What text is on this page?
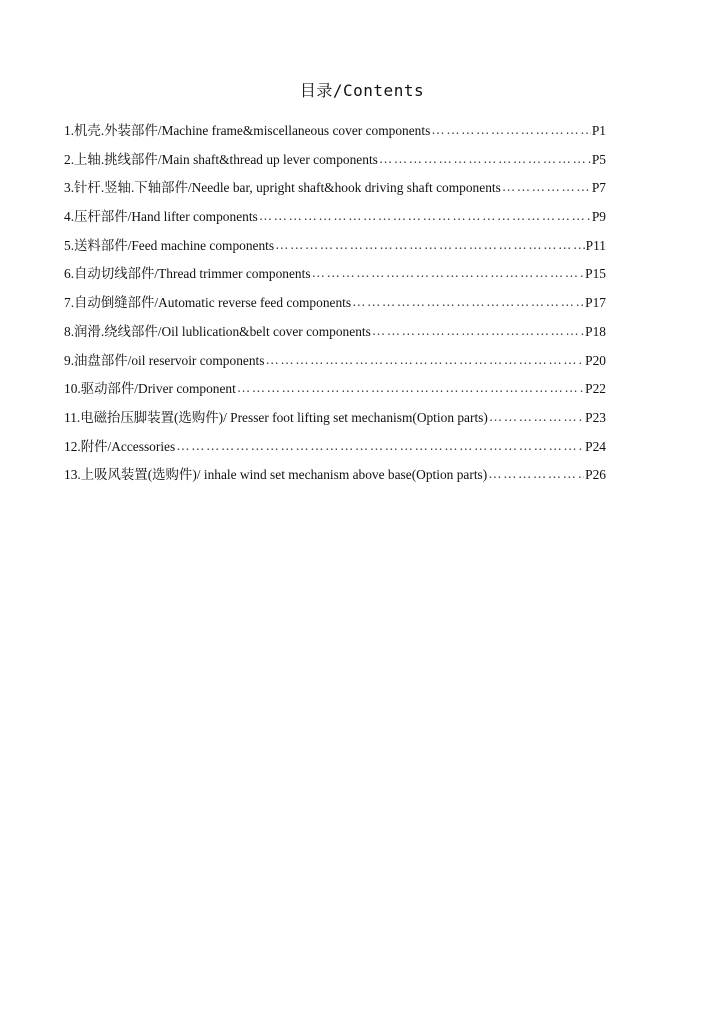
目录/Contents
1.机壳.外装部件/Machine frame&miscellaneous cover components ……………………………………………………………………………………………………………………………………………………………………	P1
2.上轴.挑线部件/Main shaft&thread up lever components ……………………………………………………………………………………………………………………………………………………………………	P5
3.针杆.竖轴.下轴部件/Needle bar, upright shaft&hook driving shaft components ……………………………………………………………………………………………………………………………………………………………………	P7
4.压杆部件/Hand lifter components ……………………………………………………………………………………………………………………………………………………………………	P9
5.送料部件/Feed machine components ……………………………………………………………………………………………………………………………………………………………………	P11
6.自动切线部件/Thread trimmer components ……………………………………………………………………………………………………………………………………………………………………	P15
7.自动倒缝部件/Automatic reverse feed components ……………………………………………………………………………………………………………………………………………………………………	P17
8.润滑.绕线部件/Oil lublication&belt cover components ……………………………………………………………………………………………………………………………………………………………………	P18
9.油盘部件/oil reservoir components ……………………………………………………………………………………………………………………………………………………………………	P20
10.驱动部件/Driver component ……………………………………………………………………………………………………………………………………………………………………	P22
11.电磁抬压脚装置(选购件)/ Presser foot lifting set mechanism(Option parts) ……………………………………………………………………………………………………………………………………………………………………	P23
12.附件/Accessories ……………………………………………………………………………………………………………………………………………………………………	P24
13.上吸风装置(选购件)/ inhale wind set mechanism above base(Option parts) ……………………………………………………………………………………………………………………………………………………………………	P26
